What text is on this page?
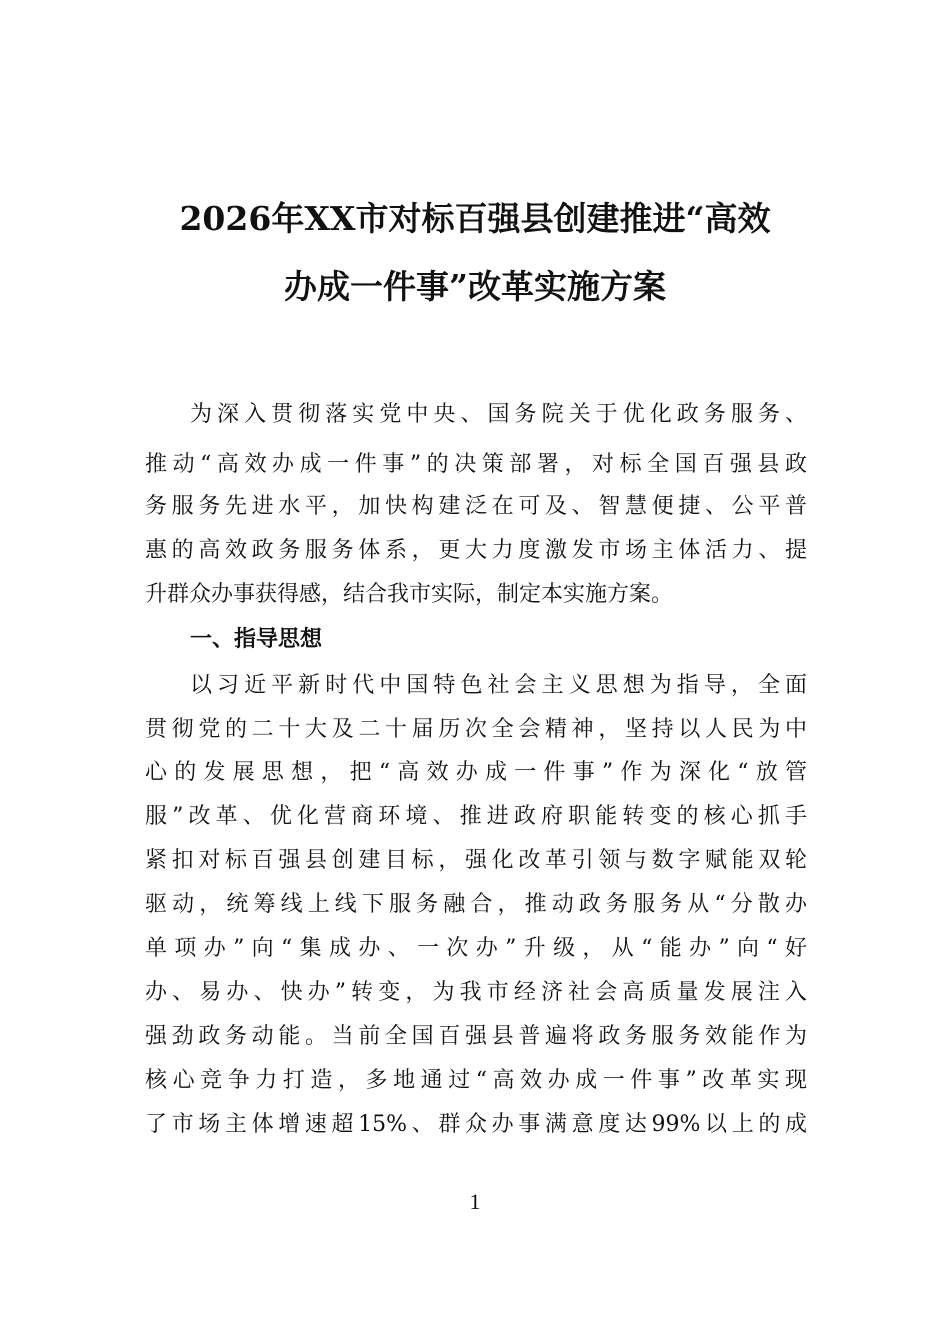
2026年XX市对标百强县创建推进“高效
办成一件事”改革实施方案

为深入贯彻落实党中央、国务院关于优化政务服务、

推动“高效办成一件事”的决策部署，对标全国百强县政

务服务先进水平，加快构建泛在可及、智慧便捷、公平普

惠的高效政务服务体系，更大力度激发市场主体活力、提

升群众办事获得感，结合我市实际，制定本实施方案。

一、指导思想

以习近平新时代中国特色社会主义思想为指导，全面

贯彻党的二十大及二十届历次全会精神，坚持以人民为中

心的发展思想，把“高效办成一件事”作为深化“放管

服”改革、优化营商环境、推进政府职能转变的核心抓手

紧扣对标百强县创建目标，强化改革引领与数字赋能双轮

驱动，统筹线上线下服务融合，推动政务服务从“分散办

单项办”向“集成办、一次办”升级，从“能办”向“好

办、易办、快办”转变，为我市经济社会高质量发展注入

强劲政务动能。当前全国百强县普遍将政务服务效能作为

核心竞争力打造，多地通过“高效办成一件事”改革实现

了市场主体增速超15%、群众办事满意度达99%以上的成

1
